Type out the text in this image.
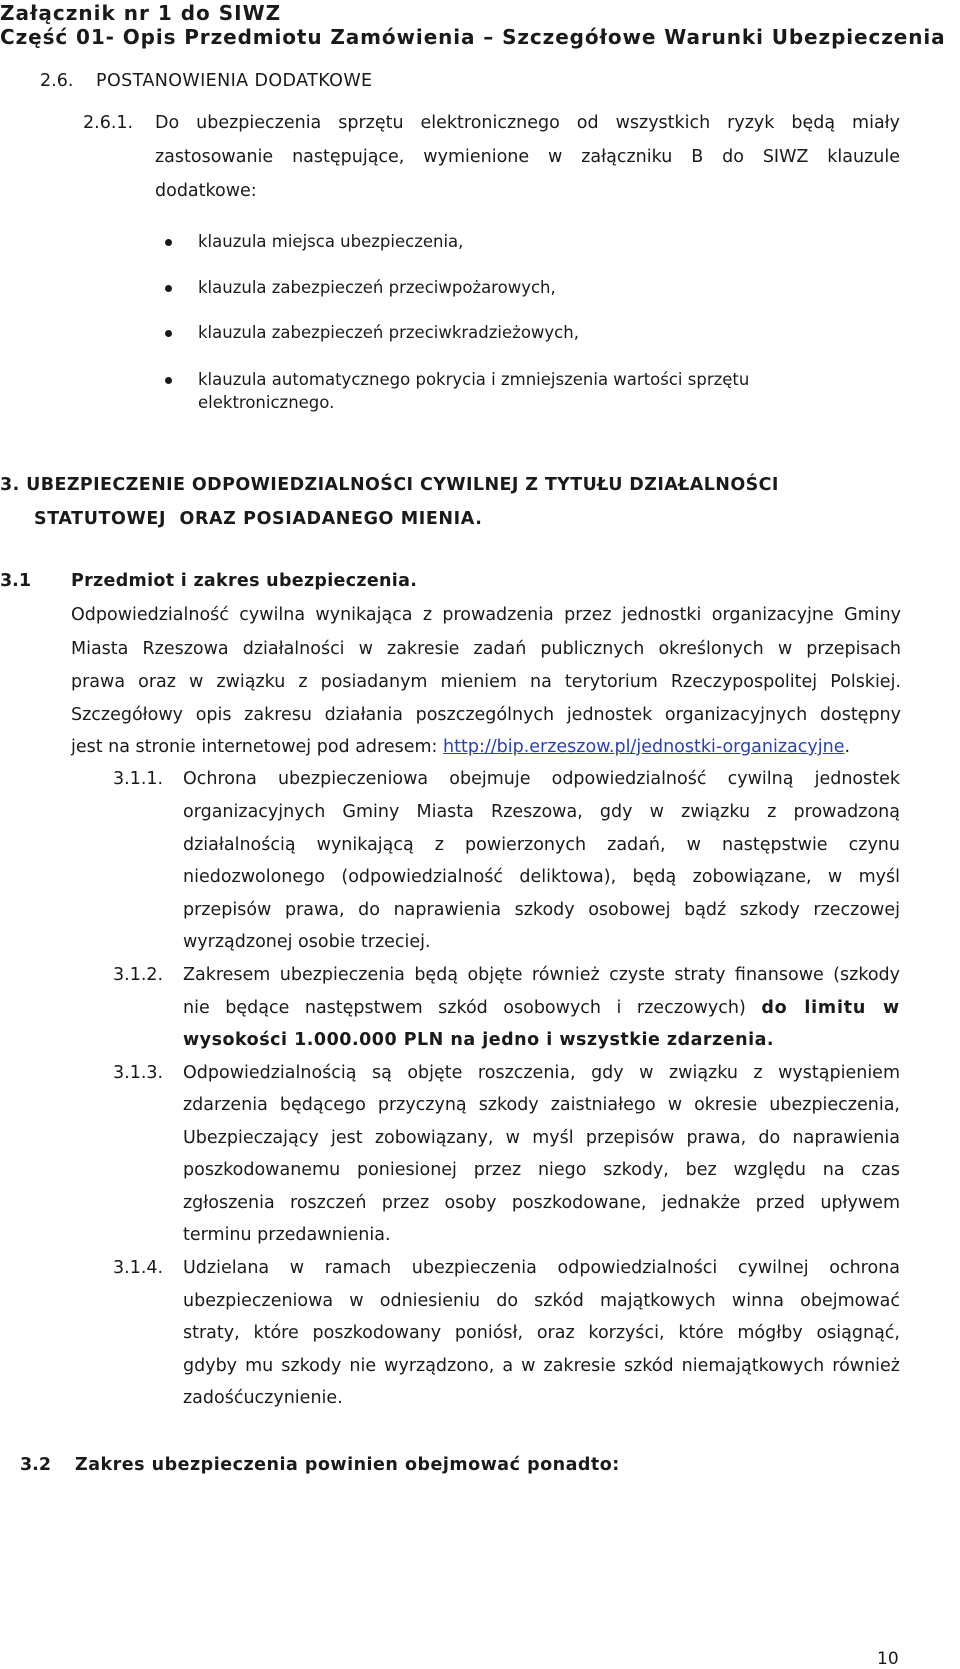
Załącznik nr 1 do SIWZ
Część 01- Opis Przedmiotu Zamówienia – Szczegółowe Warunki Ubezpieczenia
2.6. POSTANOWIENIA DODATKOWE
2.6.1. Do ubezpieczenia sprzętu elektronicznego od wszystkich ryzyk będą miały
zastosowanie następujące, wymienione w załączniku B do SIWZ klauzule
dodatkowe:
klauzula miejsca ubezpieczenia,
klauzula zabezpieczeń przeciwpożarowych,
klauzula zabezpieczeń przeciwkradzieżowych,
klauzula automatycznego pokrycia i zmniejszenia wartości sprzętu
elektronicznego.
3. UBEZPIECZENIE ODPOWIEDZIALNOŚCI CYWILNEJ Z TYTUŁU DZIAŁALNOŚCI
STATUTOWEJ  ORAZ POSIADANEGO MIENIA.
3.1 Przedmiot i zakres ubezpieczenia.
Odpowiedzialność cywilna wynikająca z prowadzenia przez jednostki organizacyjne Gminy
Miasta Rzeszowa działalności w zakresie zadań publicznych określonych w przepisach
prawa oraz w związku z posiadanym mieniem na terytorium Rzeczypospolitej Polskiej.
Szczegółowy opis zakresu działania poszczególnych jednostek organizacyjnych dostępny
jest na stronie internetowej pod adresem: http://bip.erzeszow.pl/jednostki-organizacyjne.
3.1.1. Ochrona ubezpieczeniowa obejmuje odpowiedzialność cywilną jednostek
organizacyjnych Gminy Miasta Rzeszowa, gdy w związku z prowadzoną
działalnością wynikającą z powierzonych zadań, w następstwie czynu
niedozwolonego (odpowiedzialność deliktowa), będą zobowiązane, w myśl
przepisów prawa, do naprawienia szkody osobowej bądź szkody rzeczowej
wyrządzonej osobie trzeciej.
3.1.2. Zakresem ubezpieczenia będą objęte również czyste straty finansowe (szkody
nie będące następstwem szkód osobowych i rzeczowych) do limitu w
wysokości 1.000.000 PLN na jedno i wszystkie zdarzenia.
3.1.3. Odpowiedzialnością są objęte roszczenia, gdy w związku z wystąpieniem
zdarzenia będącego przyczyną szkody zaistniałego w okresie ubezpieczenia,
Ubezpieczający jest zobowiązany, w myśl przepisów prawa, do naprawienia
poszkodowanemu poniesionej przez niego szkody, bez względu na czas
zgłoszenia roszczeń przez osoby poszkodowane, jednakże przed upływem
terminu przedawnienia.
3.1.4. Udzielana w ramach ubezpieczenia odpowiedzialności cywilnej ochrona
ubezpieczeniowa w odniesieniu do szkód majątkowych winna obejmować
straty, które poszkodowany poniósł, oraz korzyści, które mógłby osiągnąć,
gdyby mu szkody nie wyrządzono, a w zakresie szkód niemajątkowych również
zadośćuczynienie.
3.2 Zakres ubezpieczenia powinien obejmować ponadto:
10
